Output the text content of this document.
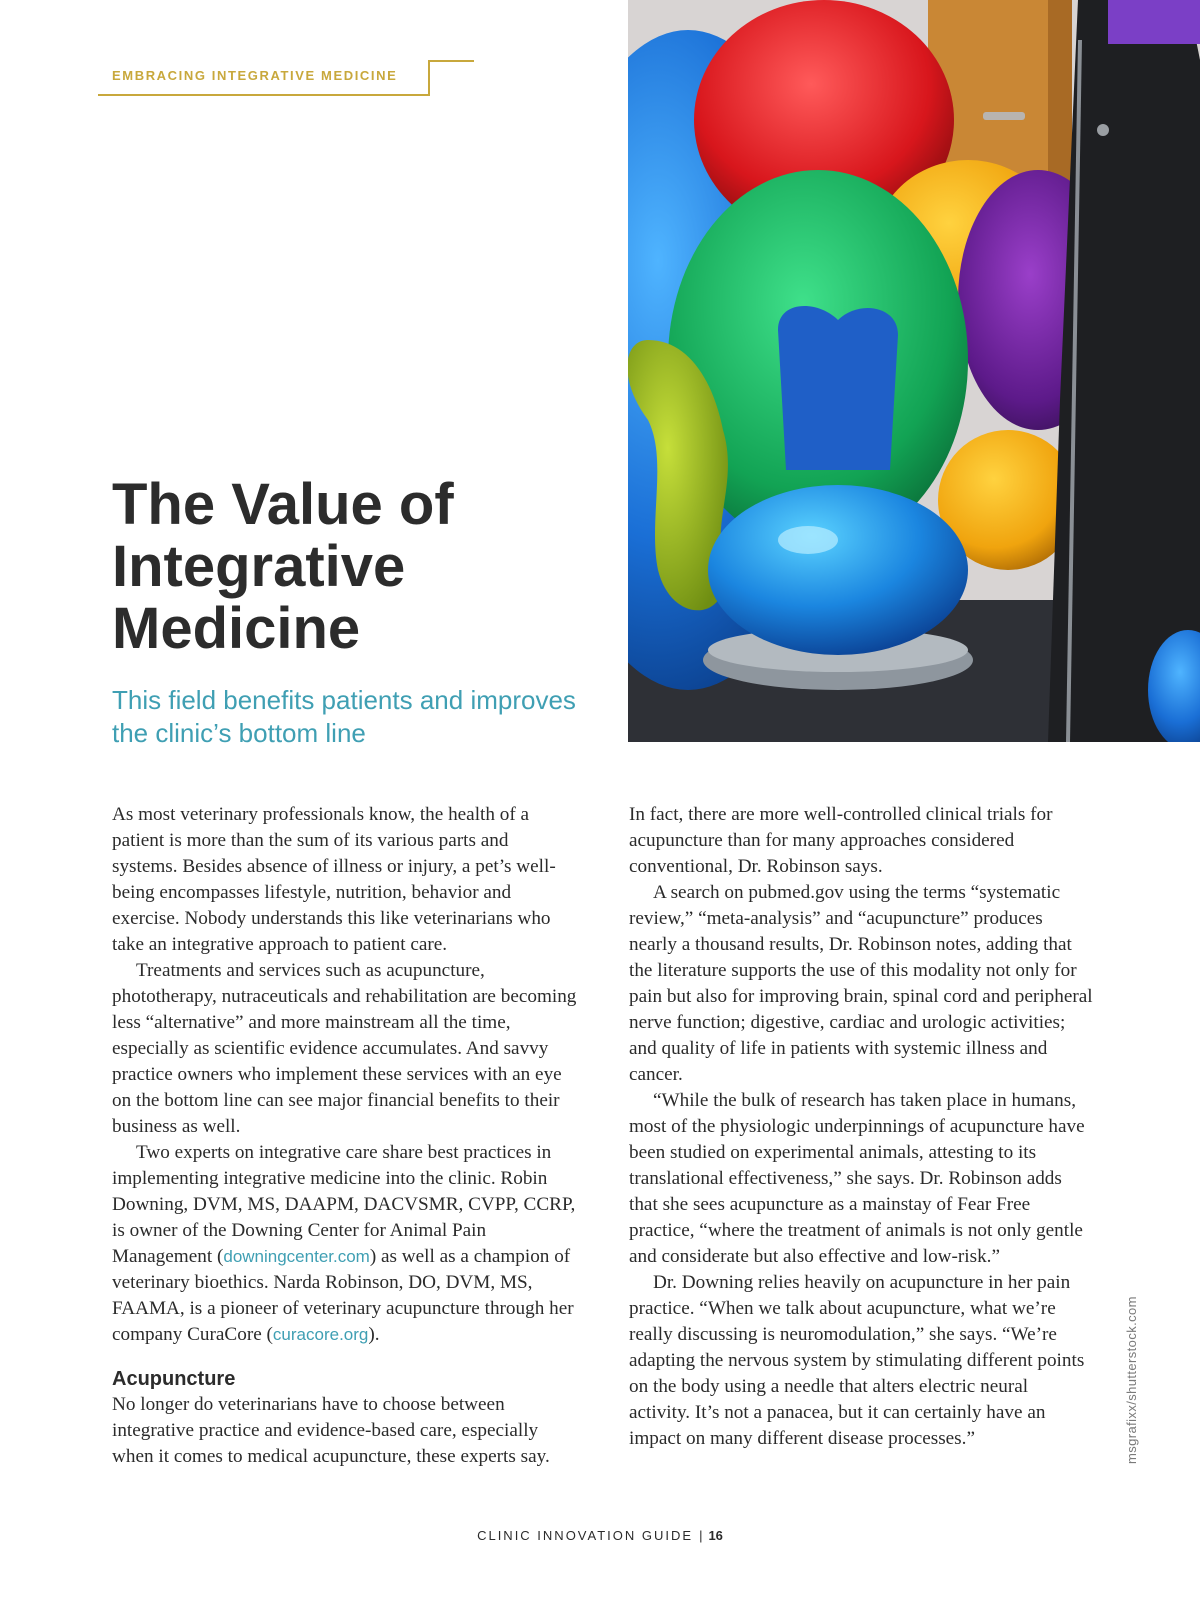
EMBRACING INTEGRATIVE MEDICINE
The Value of Integrative Medicine

This field benefits patients and improves the clinic’s bottom line

As most veterinary professionals know, the health of a patient is more than the sum of its various parts and systems. Besides absence of illness or injury, a pet’s well-being encompasses lifestyle, nutrition, behavior and exercise. Nobody understands this like veterinarians who take an integrative approach to patient care.

Treatments and services such as acupuncture, phototherapy, nutraceuticals and rehabilitation are becoming less “alternative” and more mainstream all the time, especially as scientific evidence accumulates. And savvy practice owners who implement these services with an eye on the bottom line can see major financial benefits to their business as well.

Two experts on integrative care share best practices in implementing integrative medicine into the clinic. Robin Downing, DVM, MS, DAAPM, DACVSMR, CVPP, CCRP, is owner of the Downing Center for Animal Pain Management (downingcenter.com) as well as a champion of veterinary bioethics. Narda Robinson, DO, DVM, MS, FAAMA, is a pioneer of veterinary acupuncture through her company CuraCore (curacore.org).

Acupuncture

No longer do veterinarians have to choose between integrative practice and evidence-based care, especially when it comes to medical acupuncture, these experts say.

In fact, there are more well-controlled clinical trials for acupuncture than for many approaches considered conventional, Dr. Robinson says.

A search on pubmed.gov using the terms “systematic review,” “meta-analysis” and “acupuncture” produces nearly a thousand results, Dr. Robinson notes, adding that the literature supports the use of this modality not only for pain but also for improving brain, spinal cord and peripheral nerve function; digestive, cardiac and urologic activities; and quality of life in patients with systemic illness and cancer.

“While the bulk of research has taken place in humans, most of the physiologic underpinnings of acupuncture have been studied on experimental animals, attesting to its translational effectiveness,” she says. Dr. Robinson adds that she sees acupuncture as a mainstay of Fear Free practice, “where the treatment of animals is not only gentle and considerate but also effective and low-risk.”

Dr. Downing relies heavily on acupuncture in her pain practice. “When we talk about acupuncture, what we’re really discussing is neuromodulation,” she says. “We’re adapting the nervous system by stimulating different points on the body using a needle that alters electric neural activity. It’s not a panacea, but it can certainly have an impact on many different disease processes.”	msgrafixx/shutterstock.com
CLINIC INNOVATION GUIDE | 16
